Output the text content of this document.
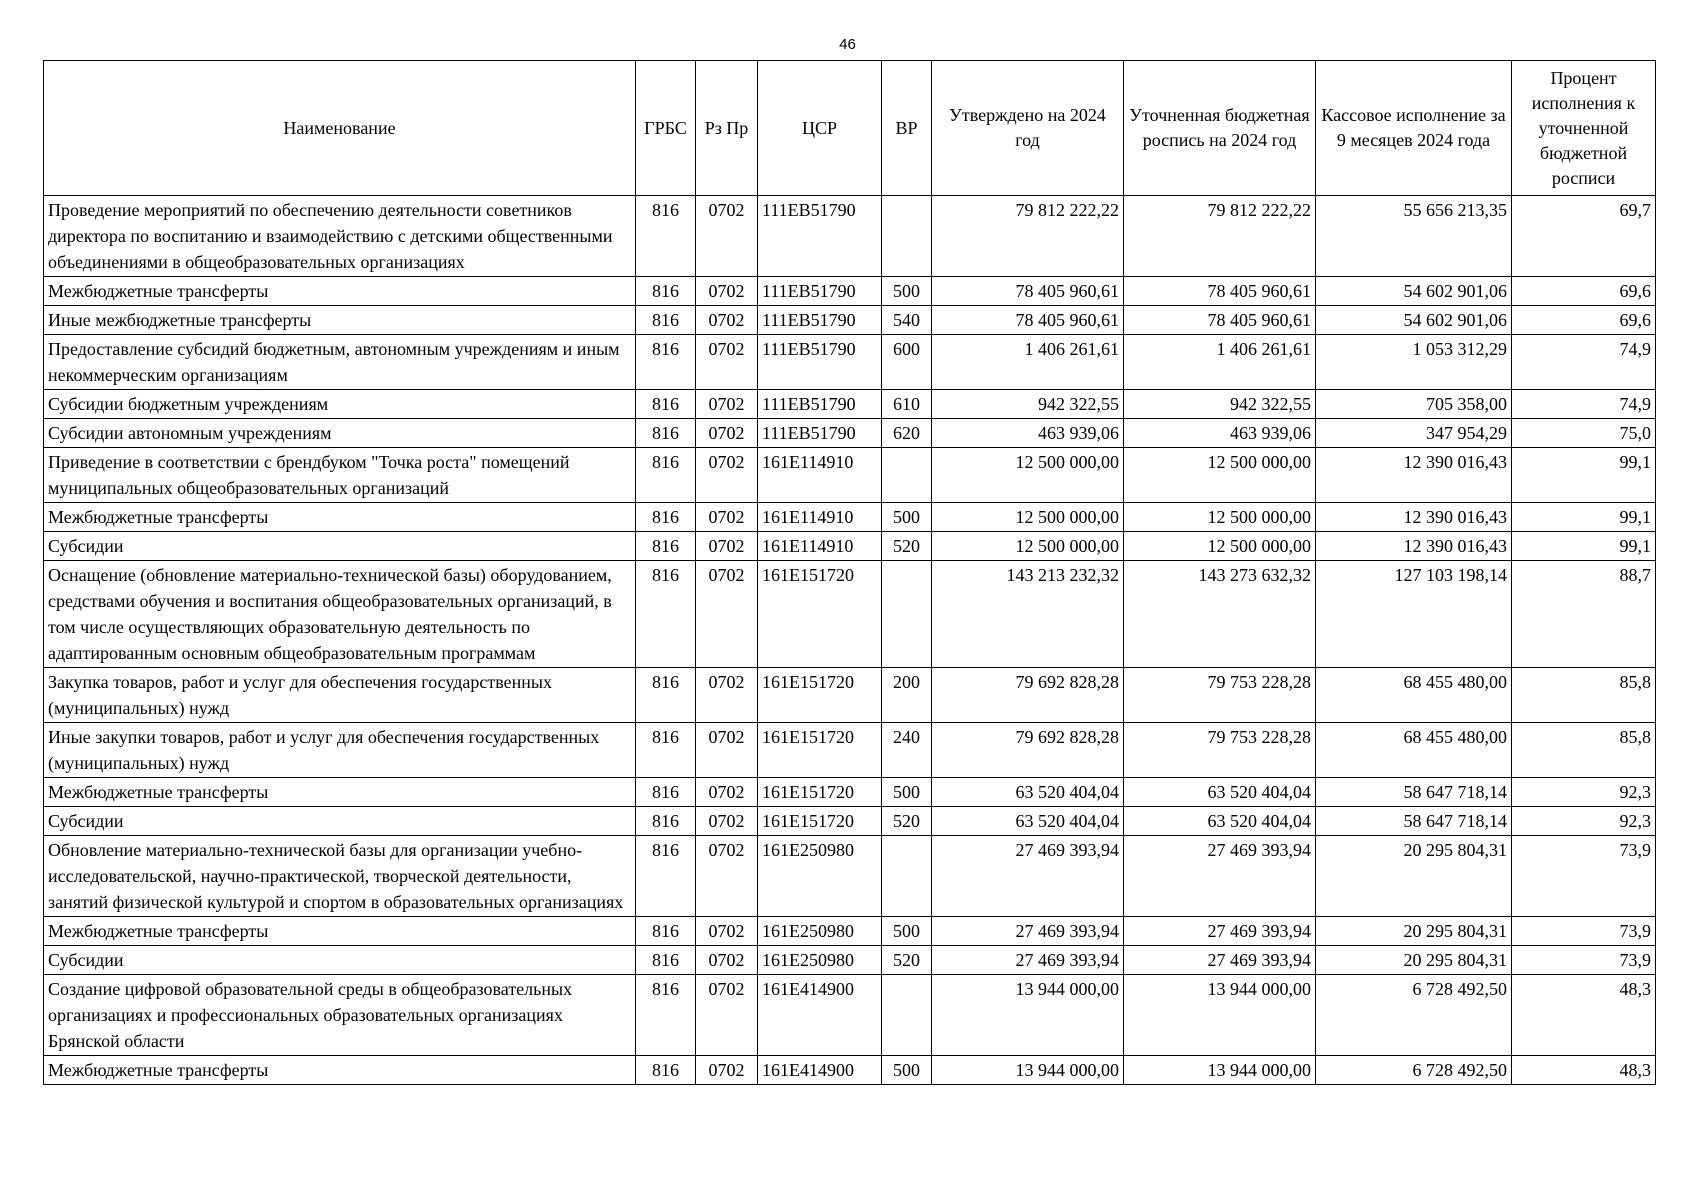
46
Наименование	ГРБС	Рз Пр	ЦСР	ВР	Утверждено на 2024 год	Уточненная бюджетная роспись на 2024 год	Кассовое исполнение за 9 месяцев 2024 года	Процент исполнения к уточненной бюджетной росписи
Проведение мероприятий по обеспечению деятельности советников директора по воспитанию и взаимодействию с детскими общественными объединениями в общеобразовательных организациях	816	0702	111EB51790		79 812 222,22	79 812 222,22	55 656 213,35	69,7
Межбюджетные трансферты	816	0702	111EB51790	500	78 405 960,61	78 405 960,61	54 602 901,06	69,6
Иные межбюджетные трансферты	816	0702	111EB51790	540	78 405 960,61	78 405 960,61	54 602 901,06	69,6
Предоставление субсидий бюджетным, автономным учреждениям и иным некоммерческим организациям	816	0702	111EB51790	600	1 406 261,61	1 406 261,61	1 053 312,29	74,9
Субсидии бюджетным учреждениям	816	0702	111EB51790	610	942 322,55	942 322,55	705 358,00	74,9
Субсидии автономным учреждениям	816	0702	111EB51790	620	463 939,06	463 939,06	347 954,29	75,0
Приведение в соответствии с брендбуком "Точка роста" помещений муниципальных общеобразовательных организаций	816	0702	161E114910		12 500 000,00	12 500 000,00	12 390 016,43	99,1
Межбюджетные трансферты	816	0702	161E114910	500	12 500 000,00	12 500 000,00	12 390 016,43	99,1
Субсидии	816	0702	161E114910	520	12 500 000,00	12 500 000,00	12 390 016,43	99,1
Оснащение (обновление материально-технической базы) оборудованием, средствами обучения и воспитания общеобразовательных организаций, в том числе осуществляющих образовательную деятельность по адаптированным основным общеобразовательным программам	816	0702	161E151720		143 213 232,32	143 273 632,32	127 103 198,14	88,7
Закупка товаров, работ и услуг для обеспечения государственных (муниципальных) нужд	816	0702	161E151720	200	79 692 828,28	79 753 228,28	68 455 480,00	85,8
Иные закупки товаров, работ и услуг для обеспечения государственных (муниципальных) нужд	816	0702	161E151720	240	79 692 828,28	79 753 228,28	68 455 480,00	85,8
Межбюджетные трансферты	816	0702	161E151720	500	63 520 404,04	63 520 404,04	58 647 718,14	92,3
Субсидии	816	0702	161E151720	520	63 520 404,04	63 520 404,04	58 647 718,14	92,3
Обновление материально-технической базы для организации учебно-исследовательской, научно-практической, творческой деятельности, занятий физической культурой и спортом в образовательных организациях	816	0702	161E250980		27 469 393,94	27 469 393,94	20 295 804,31	73,9
Межбюджетные трансферты	816	0702	161E250980	500	27 469 393,94	27 469 393,94	20 295 804,31	73,9
Субсидии	816	0702	161E250980	520	27 469 393,94	27 469 393,94	20 295 804,31	73,9
Создание цифровой образовательной среды в общеобразовательных организациях и профессиональных образовательных организациях Брянской области	816	0702	161E414900		13 944 000,00	13 944 000,00	6 728 492,50	48,3
Межбюджетные трансферты	816	0702	161E414900	500	13 944 000,00	13 944 000,00	6 728 492,50	48,3
